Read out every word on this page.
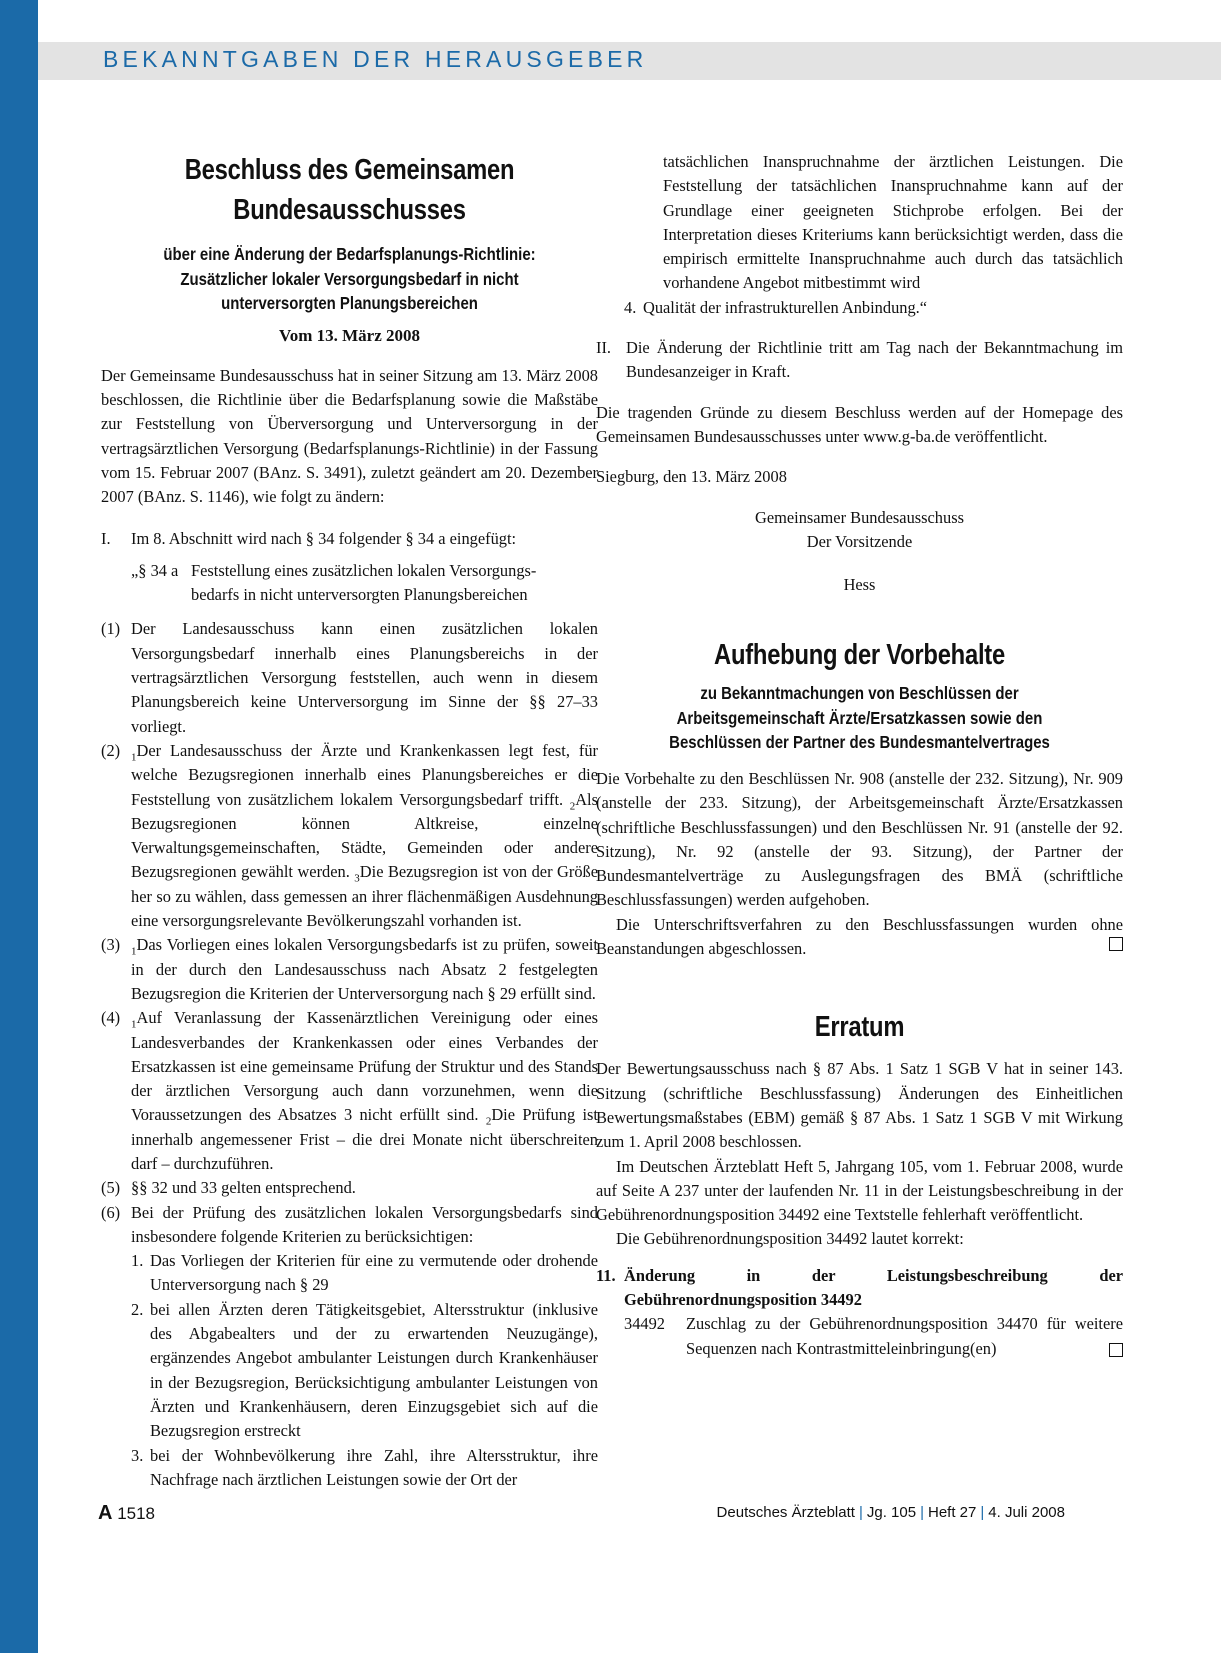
BEKANNTGABEN DER HERAUSGEBER

Beschluss des Gemeinsamen

Bundesausschusses

über eine Änderung der Bedarfsplanungs-Richtlinie:

Zusätzlicher lokaler Versorgungsbedarf in nicht

unterversorgten Planungsbereichen

Vom 13. März 2008

Der Gemeinsame Bundesausschuss hat in seiner Sitzung am 13. März 2008 beschlossen, die Richtlinie über die Bedarfsplanung sowie die Maßstäbe zur Feststellung von Überversorgung und Unterversorgung in der vertragsärztlichen Versorgung (Bedarfsplanungs-Richtlinie) in der Fassung vom 15. Februar 2007 (BAnz. S. 3491), zuletzt geändert am 20. Dezember 2007 (BAnz. S. 1146), wie folgt zu ändern:

I.	Im 8. Abschnitt wird nach § 34 folgender § 34 a eingefügt:
„§ 34 a Feststellung eines zusätzlichen lokalen Versorgungs-
bedarfs in nicht unterversorgten Planungsbereichen
(1) Der Landesausschuss kann einen zusätzlichen lokalen Versorgungsbedarf innerhalb eines Planungsbereichs in der vertragsärztlichen Versorgung feststellen, auch wenn in diesem Planungsbereich keine Unterversorgung im Sinne der §§ 27–33 vorliegt.
(2) $_1$Der Landesausschuss der Ärzte und Krankenkassen legt fest, für welche Bezugsregionen innerhalb eines Planungsbereiches er die Feststellung von zusätzlichem lokalem Versorgungsbedarf trifft. $_2$Als Bezugsregionen können Altkreise, einzelne Verwaltungsgemeinschaften, Städte, Gemeinden oder andere Bezugsregionen gewählt werden. $_3$Die Bezugsregion ist von der Größe her so zu wählen, dass gemessen an ihrer flächenmäßigen Ausdehnung eine versorgungsrelevante Bevölkerungszahl vorhanden ist.
(3) $_1$Das Vorliegen eines lokalen Versorgungsbedarfs ist zu prüfen, soweit in der durch den Landesausschuss nach Absatz 2 festgelegten Bezugsregion die Kriterien der Unterversorgung nach § 29 erfüllt sind.
(4) $_1$Auf Veranlassung der Kassenärztlichen Vereinigung oder eines Landesverbandes der Krankenkassen oder eines Verbandes der Ersatzkassen ist eine gemeinsame Prüfung der Struktur und des Stands der ärztlichen Versorgung auch dann vorzunehmen, wenn die Voraussetzungen des Absatzes 3 nicht erfüllt sind. $_2$Die Prüfung ist innerhalb angemessener Frist – die drei Monate nicht überschreiten darf – durchzuführen.
(5) §§ 32 und 33 gelten entsprechend.
(6) Bei der Prüfung des zusätzlichen lokalen Versorgungsbedarfs sind insbesondere folgende Kriterien zu berücksichtigen:
1. Das Vorliegen der Kriterien für eine zu vermutende oder drohende Unterversorgung nach § 29
2. bei allen Ärzten deren Tätigkeitsgebiet, Altersstruktur (inklusive des Abgabealters und der zu erwartenden Neuzugänge), ergänzendes Angebot ambulanter Leistungen durch Krankenhäuser in der Bezugsregion, Berücksichtigung ambulanter Leistungen von Ärzten und Krankenhäusern, deren Einzugsgebiet sich auf die Bezugsregion erstreckt
3. bei der Wohnbevölkerung ihre Zahl, ihre Altersstruktur, ihre Nachfrage nach ärztlichen Leistungen sowie der Ort der
tatsächlichen Inanspruchnahme der ärztlichen Leistungen. Die Feststellung der tatsächlichen Inanspruchnahme kann auf der Grundlage einer geeigneten Stichprobe erfolgen. Bei der Interpretation dieses Kriteriums kann berücksichtigt werden, dass die empirisch ermittelte Inanspruchnahme auch durch das tatsächlich vorhandene Angebot mitbestimmt wird
4. Qualität der infrastrukturellen Anbindung.“
II. Die Änderung der Richtlinie tritt am Tag nach der Bekanntmachung im Bundesanzeiger in Kraft.

Die tragenden Gründe zu diesem Beschluss werden auf der Homepage des Gemeinsamen Bundesausschusses unter www.g-ba.de veröffentlicht.

Siegburg, den 13. März 2008

Gemeinsamer Bundesausschuss

Der Vorsitzende

Hess

Aufhebung der Vorbehalte

zu Bekanntmachungen von Beschlüssen der

Arbeitsgemeinschaft Ärzte/Ersatzkassen sowie den

Beschlüssen der Partner des Bundesmantelvertrages

Die Vorbehalte zu den Beschlüssen Nr. 908 (anstelle der 232. Sitzung), Nr. 909 (anstelle der 233. Sitzung), der Arbeitsgemeinschaft Ärzte/Ersatzkassen (schriftliche Beschlussfassungen) und den Beschlüssen Nr. 91 (anstelle der 92. Sitzung), Nr. 92 (anstelle der 93. Sitzung), der Partner der Bundesmantelverträge zu Auslegungsfragen des BMÄ (schriftliche Beschlussfassungen) werden aufgehoben.

Die Unterschriftsverfahren zu den Beschlussfassungen wurden ohne Beanstandungen abgeschlossen.

Erratum

Der Bewertungsausschuss nach § 87 Abs. 1 Satz 1 SGB V hat in seiner 143. Sitzung (schriftliche Beschlussfassung) Änderungen des Einheitlichen Bewertungsmaßstabes (EBM) gemäß § 87 Abs. 1 Satz 1 SGB V mit Wirkung zum 1. April 2008 beschlossen.

Im Deutschen Ärzteblatt Heft 5, Jahrgang 105, vom 1. Februar 2008, wurde auf Seite A 237 unter der laufenden Nr. 11 in der Leistungsbeschreibung in der Gebührenordnungsposition 34492 eine Textstelle fehlerhaft veröffentlicht.

Die Gebührenordnungsposition 34492 lautet korrekt:

11. Änderung in der Leistungsbeschreibung der Gebührenordnungsposition 34492
34492	Zuschlag zu der Gebührenordnungsposition 34470 für weitere Sequenzen nach Kontrastmitteleinbringung(en)
A 1518	Deutsches Ärzteblatt | Jg. 105 | Heft 27 | 4. Juli 2008
